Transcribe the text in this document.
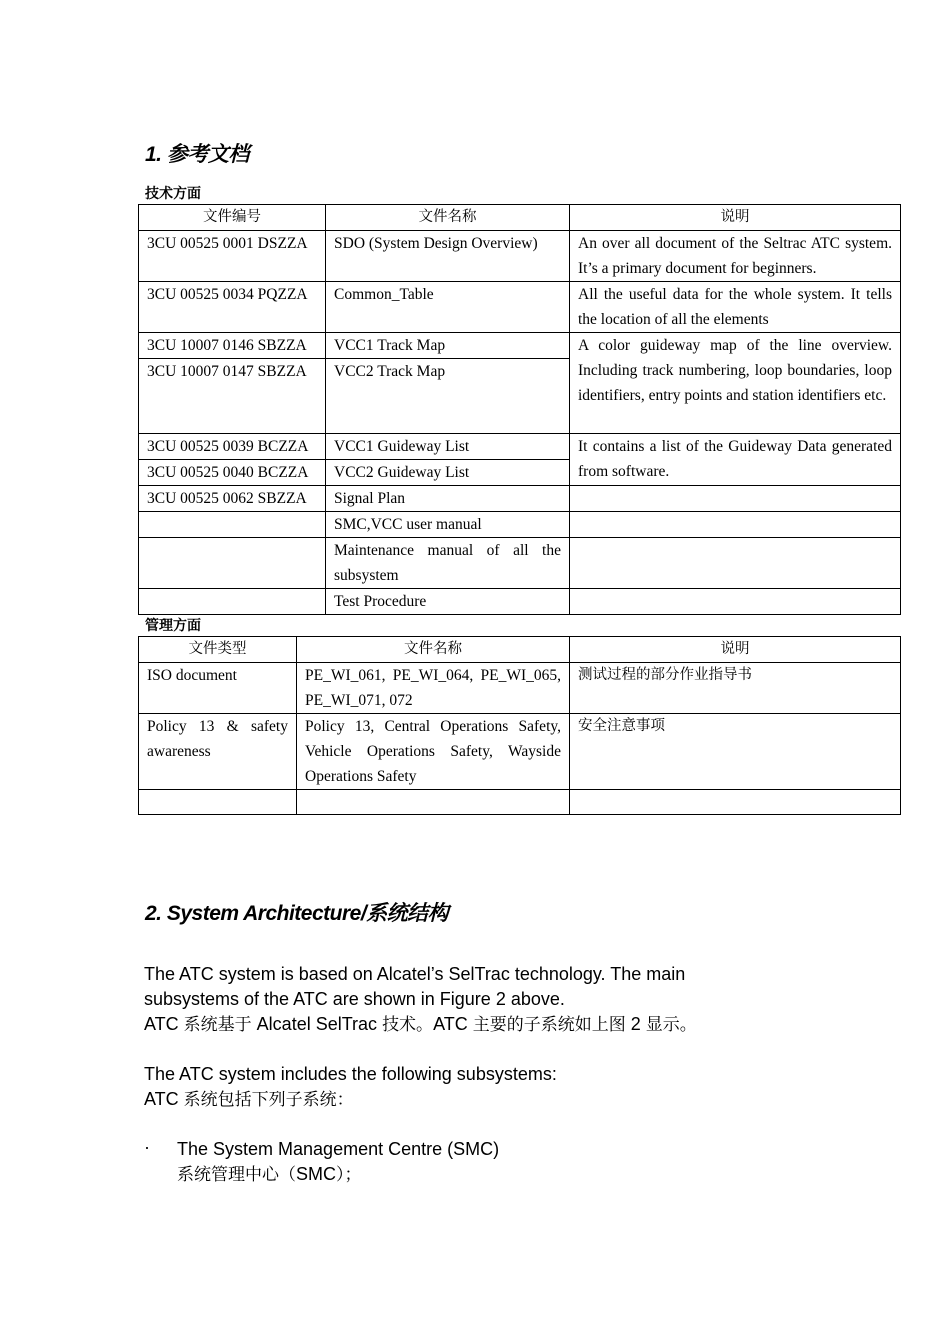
1. 参考文档
技术方面
文件编号	文件名称	说明
3CU 00525 0001 DSZZA	SDO (System Design Overview)	An over all document of the Seltrac ATC system. It’s a primary document for beginners.
3CU 00525 0034 PQZZA	Common_Table	All the useful data for the whole system. It tells the location of all the elements
3CU 10007 0146 SBZZA	VCC1 Track Map	A color guideway map of the line overview. Including track numbering, loop boundaries, loop identifiers, entry points and station identifiers etc.
3CU 10007 0147 SBZZA	VCC2 Track Map	
3CU 00525 0039 BCZZA	VCC1 Guideway List	It contains a list of the Guideway Data generated from software.
3CU 00525 0040 BCZZA	VCC2 Guideway List	
3CU 00525 0062 SBZZA	Signal Plan	
	SMC,VCC user manual	
	Maintenance manual of all the subsystem	
	Test Procedure	
管理方面
文件类型	文件名称	说明
ISO document	PE_WI_061, PE_WI_064, PE_WI_065, PE_WI_071, 072	测试过程的部分作业指导书
Policy 13 & safety awareness	Policy 13, Central Operations Safety, Vehicle Operations Safety, Wayside Operations Safety	安全注意事项

2. System Architecture/系统结构
The ATC system is based on Alcatel’s SelTrac technology. The main
subsystems of the ATC are shown in Figure 2 above.
ATC 系统基于 Alcatel SelTrac 技术。ATC 主要的子系统如上图 2 显示。
The ATC system includes the following subsystems:
ATC 系统包括下列子系统：
· The System Management Centre (SMC)
系统管理中心（SMC）；
